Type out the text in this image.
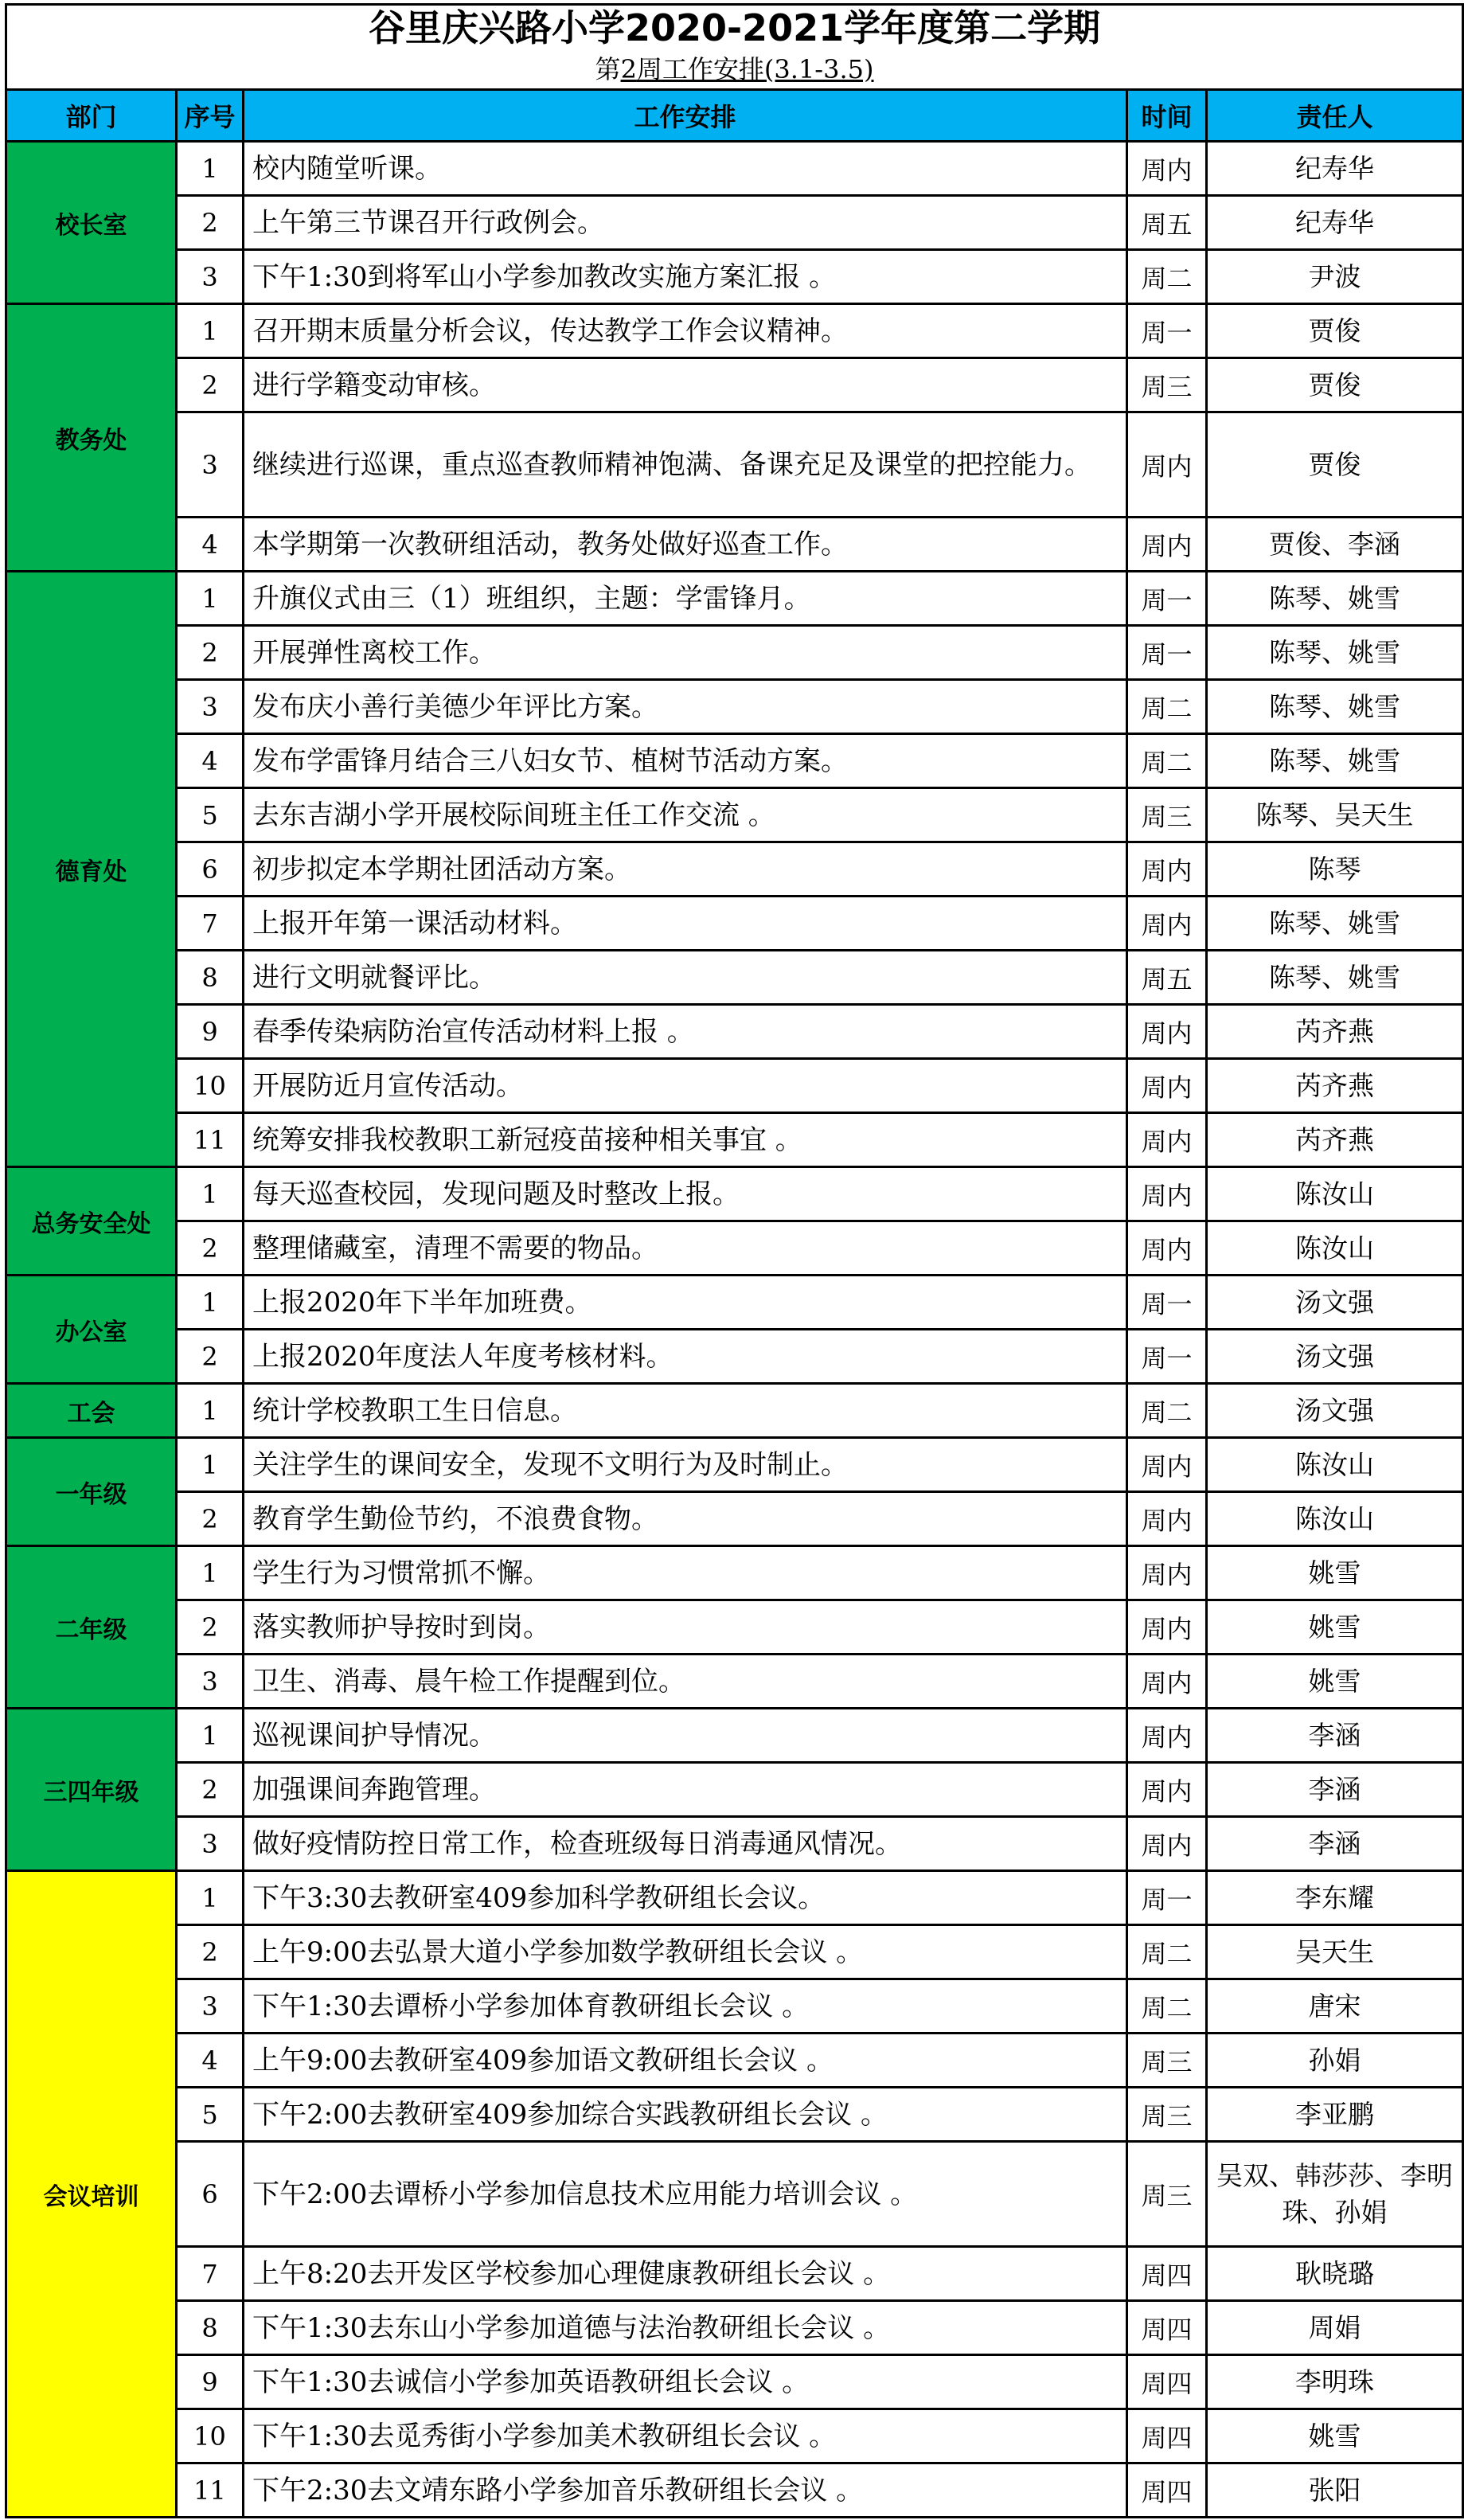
谷里庆兴路小学2020-2021学年度第二学期				
第2周工作安排(3.1-3.5)				
部门	序号	工作安排	时间	责任人
校长室	1	校内随堂听课。	周内	纪寿华
	2	上午第三节课召开行政例会。	周五	纪寿华
	3	下午1:30到将军山小学参加教改实施方案汇报 。	周二	尹波
教务处	1	召开期末质量分析会议，传达教学工作会议精神。	周一	贾俊
	2	进行学籍变动审核。	周三	贾俊
	3	继续进行巡课，重点巡查教师精神饱满、备课充足及课堂的把控能力。	周内	贾俊
	4	本学期第一次教研组活动，教务处做好巡查工作。	周内	贾俊、李涵
德育处	1	升旗仪式由三（1）班组织，主题：学雷锋月。	周一	陈琴、姚雪
	2	开展弹性离校工作。	周一	陈琴、姚雪
	3	发布庆小善行美德少年评比方案。	周二	陈琴、姚雪
	4	发布学雷锋月结合三八妇女节、植树节活动方案。	周二	陈琴、姚雪
	5	去东吉湖小学开展校际间班主任工作交流 。	周三	陈琴、吴天生
	6	初步拟定本学期社团活动方案。	周内	陈琴
	7	上报开年第一课活动材料。	周内	陈琴、姚雪
	8	进行文明就餐评比。	周五	陈琴、姚雪
	9	春季传染病防治宣传活动材料上报 。	周内	芮齐燕
	10	开展防近月宣传活动。	周内	芮齐燕
	11	统筹安排我校教职工新冠疫苗接种相关事宜 。	周内	芮齐燕
总务安全处	1	每天巡查校园，发现问题及时整改上报。	周内	陈汝山
	2	整理储藏室，清理不需要的物品。	周内	陈汝山
办公室	1	上报2020年下半年加班费。	周一	汤文强
	2	上报2020年度法人年度考核材料。	周一	汤文强
工会	1	统计学校教职工生日信息。	周二	汤文强
一年级	1	关注学生的课间安全，发现不文明行为及时制止。	周内	陈汝山
	2	教育学生勤俭节约，不浪费食物。	周内	陈汝山
二年级	1	学生行为习惯常抓不懈。	周内	姚雪
	2	落实教师护导按时到岗。	周内	姚雪
	3	卫生、消毒、晨午检工作提醒到位。	周内	姚雪
三四年级	1	巡视课间护导情况。	周内	李涵
	2	加强课间奔跑管理。	周内	李涵
	3	做好疫情防控日常工作，检查班级每日消毒通风情况。	周内	李涵
会议培训	1	下午3:30去教研室409参加科学教研组长会议。	周一	李东耀
	2	上午9:00去弘景大道小学参加数学教研组长会议 。	周二	吴天生
	3	下午1:30去谭桥小学参加体育教研组长会议 。	周二	唐宋
	4	上午9:00去教研室409参加语文教研组长会议 。	周三	孙娟
	5	下午2:00去教研室409参加综合实践教研组长会议 。	周三	李亚鹏
	6	下午2:00去谭桥小学参加信息技术应用能力培训会议 。	周三	吴双、韩莎莎、李明珠、孙娟
	7	上午8:20去开发区学校参加心理健康教研组长会议 。	周四	耿晓璐
	8	下午1:30去东山小学参加道德与法治教研组长会议 。	周四	周娟
	9	下午1:30去诚信小学参加英语教研组长会议 。	周四	李明珠
	10	下午1:30去觅秀街小学参加美术教研组长会议 。	周四	姚雪
	11	下午2:30去文靖东路小学参加音乐教研组长会议 。	周四	张阳
